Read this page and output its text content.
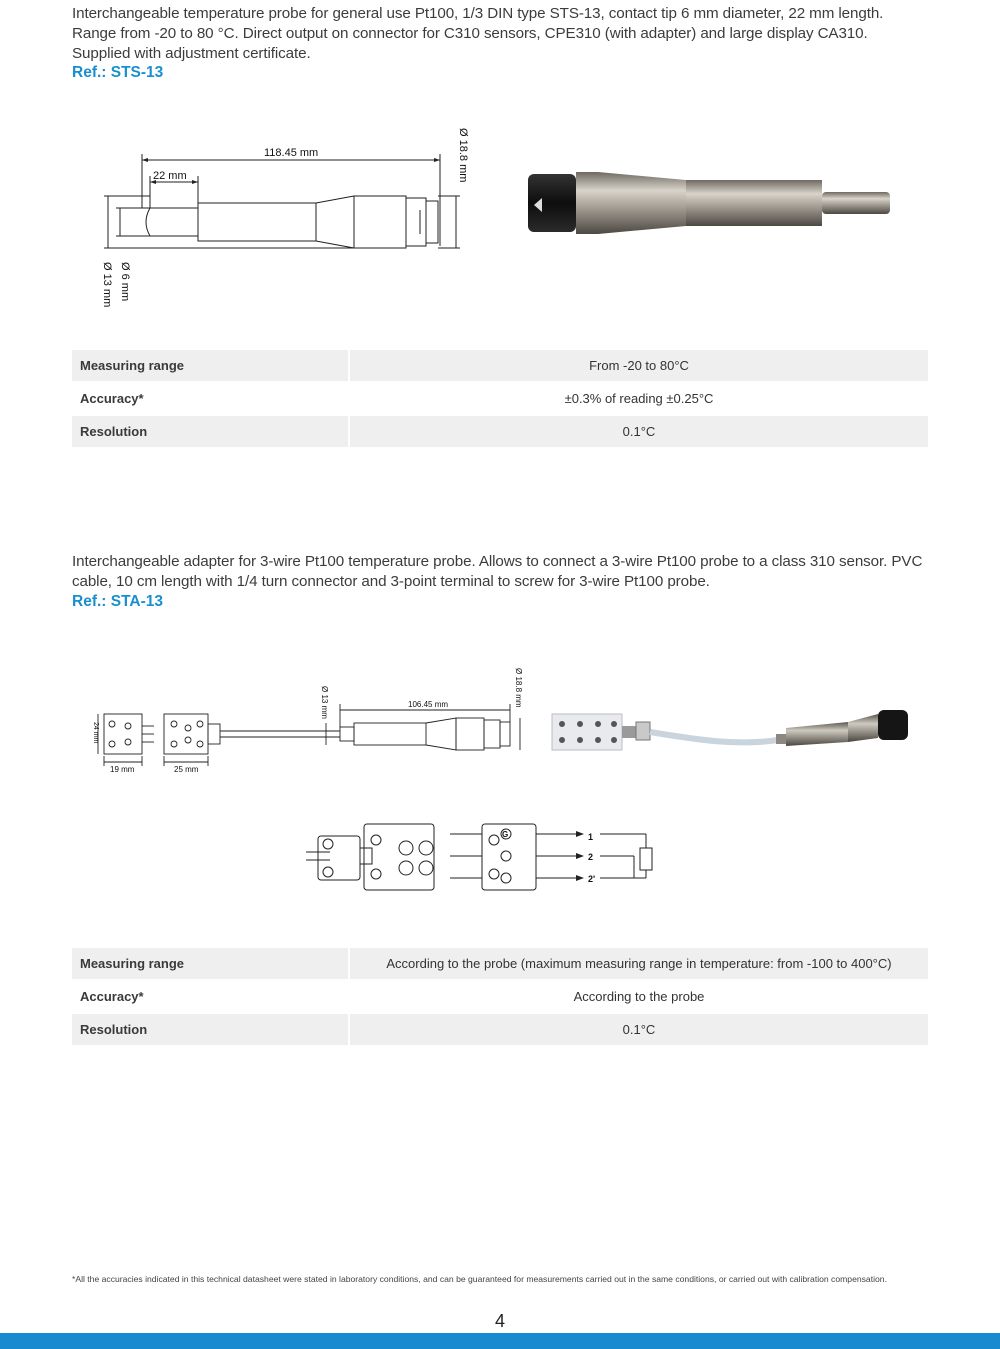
Interchangeable temperature probe for general use Pt100, 1/3 DIN type STS-13, contact tip 6 mm diameter, 22 mm length. Range from -20 to 80 °C. Direct output on connector for C310 sensors, CPE310 (with adapter) and large display CA310. Supplied with adjustment certificate.
Ref.: STS-13
118.45 mm
22 mm
Ø 18.8 mm
Ø 6 mm
Ø 13 mm
Measuring range	From -20 to 80°C
Accuracy*	±0.3% of reading ±0.25°C
Resolution	0.1°C
Interchangeable adapter for 3-wire Pt100 temperature probe. Allows to connect a 3-wire Pt100 probe to a class 310 sensor. PVC cable, 10 cm length with 1/4 turn connector and 3-point terminal to screw for 3-wire Pt100 probe.
Ref.: STA-13
106.45 mm
19 mm	25 mm
Ø 13 mm	Ø 18.8 mm
24 mm
G	1
2
2'
Measuring range	According to the probe (maximum measuring range in temperature: from -100 to 400°C)
Accuracy*	According to the probe
Resolution	0.1°C
*All the accuracies indicated in this technical datasheet were stated in laboratory conditions, and can be guaranteed for measurements carried out in the same conditions, or carried out with calibration compensation.
4
